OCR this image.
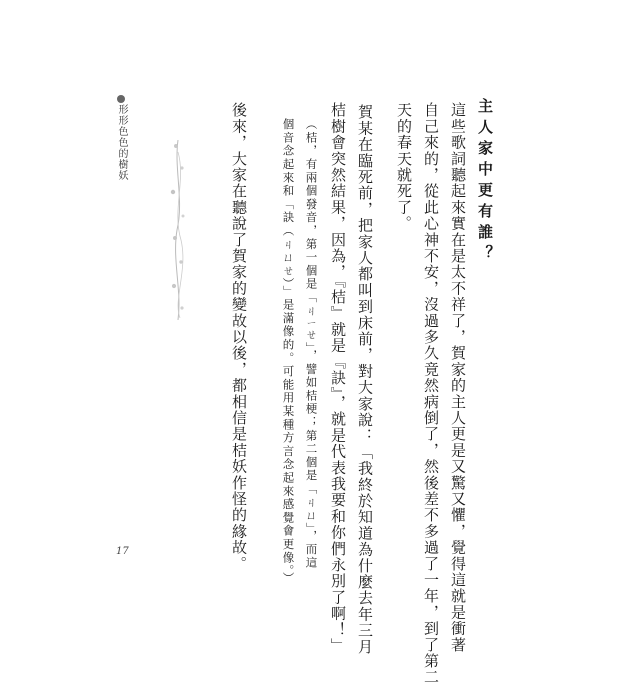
主人家中更有誰？
這些歌詞聽起來實在是太不祥了，賀家的主人更是又驚又懼，覺得這就是衝著
自己來的，從此心神不安，沒過多久竟然病倒了，然後差不多過了一年，到了第二
天的春天就死了。
賀某在臨死前，把家人都叫到床前，對大家說：「我終於知道為什麼去年三月
桔樹會突然結果，因為，『桔』就是『訣』，就是代表我要和你們永別了啊！」
（桔，有兩個發音，第一個是「ㄐㄧㄝ」，譬如桔梗；第二個是「ㄐㄩ」，而這
個音念起來和「訣（ㄐㄩㄝ）」是滿像的。可能用某種方言念起來感覺會更像。）
後來，大家在聽說了賀家的變故以後，都相信是桔妖作怪的緣故。
形形色色的樹妖
17
